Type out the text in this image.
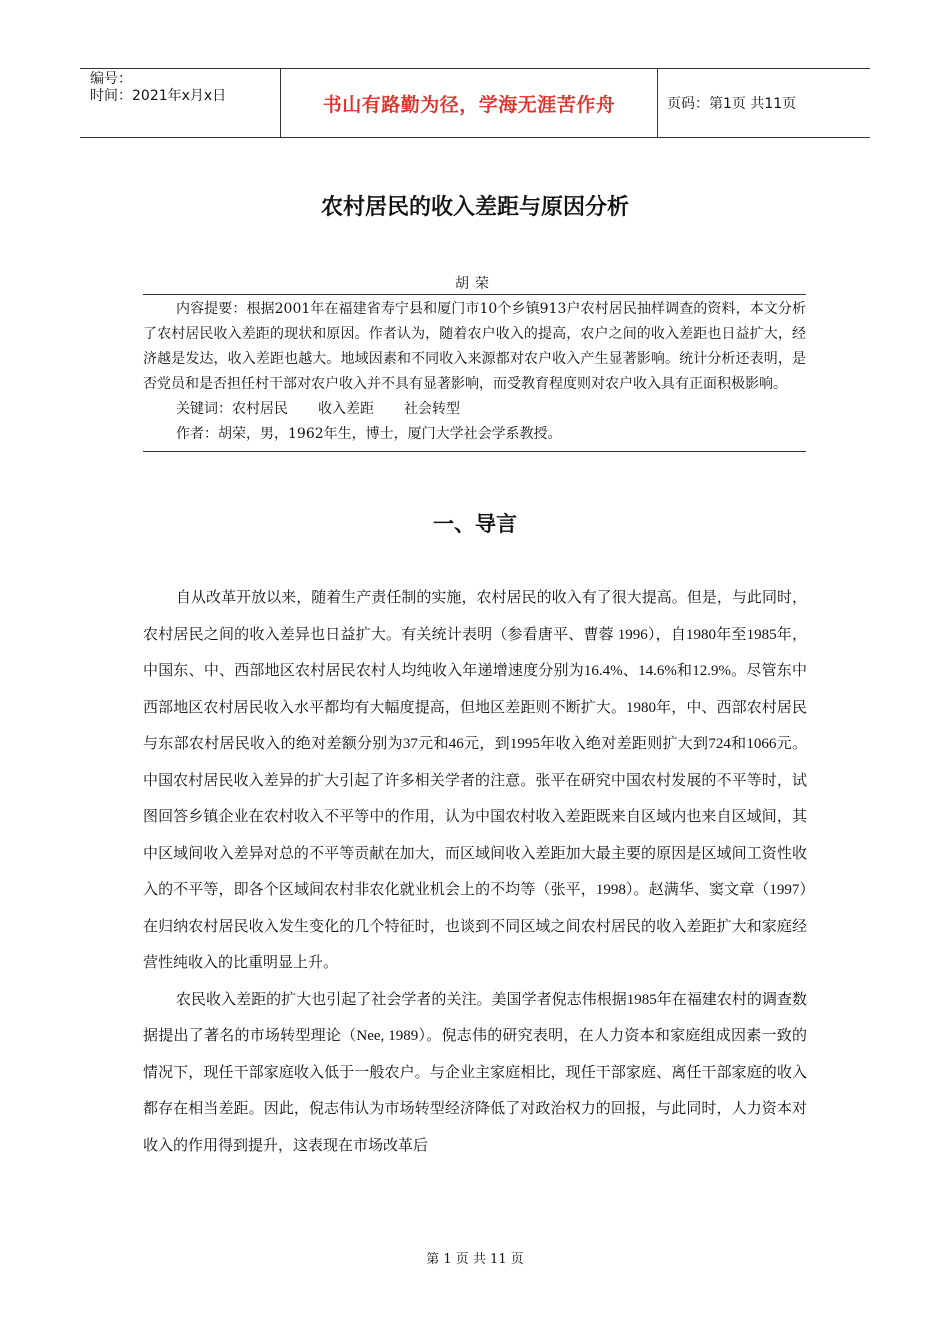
编号：
时间：2021年x月x日	书山有路勤为径，学海无涯苦作舟	页码：第1页 共11页
农村居民的收入差距与原因分析
胡荣

内容提要：根据2001年在福建省寿宁县和厦门市10个乡镇913户农村居民抽样调查的资料，本文分析了农村居民收入差距的现状和原因。作者认为，随着农户收入的提高，农户之间的收入差距也日益扩大，经济越是发达，收入差距也越大。地域因素和不同收入来源都对农户收入产生显著影响。统计分析还表明，是否党员和是否担任村干部对农户收入并不具有显著影响，而受教育程度则对农户收入具有正面积极影响。

关键词：农村居民 收入差距 社会转型

作者：胡荣，男，1962年生，博士，厦门大学社会学系教授。

一、导言

自从改革开放以来，随着生产责任制的实施，农村居民的收入有了很大提高。但是，与此同时，农村居民之间的收入差异也日益扩大。有关统计表明（参看唐平、曹蓉 1996），自1980年至1985年，中国东、中、西部地区农村居民农村人均纯收入年递增速度分别为16.4%、14.6%和12.9%。尽管东中西部地区农村居民收入水平都均有大幅度提高，但地区差距则不断扩大。1980年，中、西部农村居民与东部农村居民收入的绝对差额分别为37元和46元，到1995年收入绝对差距则扩大到724和1066元。中国农村居民收入差异的扩大引起了许多相关学者的注意。张平在研究中国农村发展的不平等时，试图回答乡镇企业在农村收入不平等中的作用，认为中国农村收入差距既来自区域内也来自区域间，其中区域间收入差异对总的不平等贡献在加大，而区域间收入差距加大最主要的原因是区域间工资性收入的不平等，即各个区域间农村非农化就业机会上的不均等（张平，1998）。赵满华、窦文章（1997）在归纳农村居民收入发生变化的几个特征时，也谈到不同区域之间农村居民的收入差距扩大和家庭经营性纯收入的比重明显上升。

农民收入差距的扩大也引起了社会学者的关注。美国学者倪志伟根据1985年在福建农村的调查数据提出了著名的市场转型理论（Nee, 1989）。倪志伟的研究表明，在人力资本和家庭组成因素一致的情况下，现任干部家庭收入低于一般农户。与企业主家庭相比，现任干部家庭、离任干部家庭的收入都存在相当差距。因此，倪志伟认为市场转型经济降低了对政治权力的回报，与此同时，人力资本对收入的作用得到提升，这表现在市场改革后

第 1 页 共 11 页
